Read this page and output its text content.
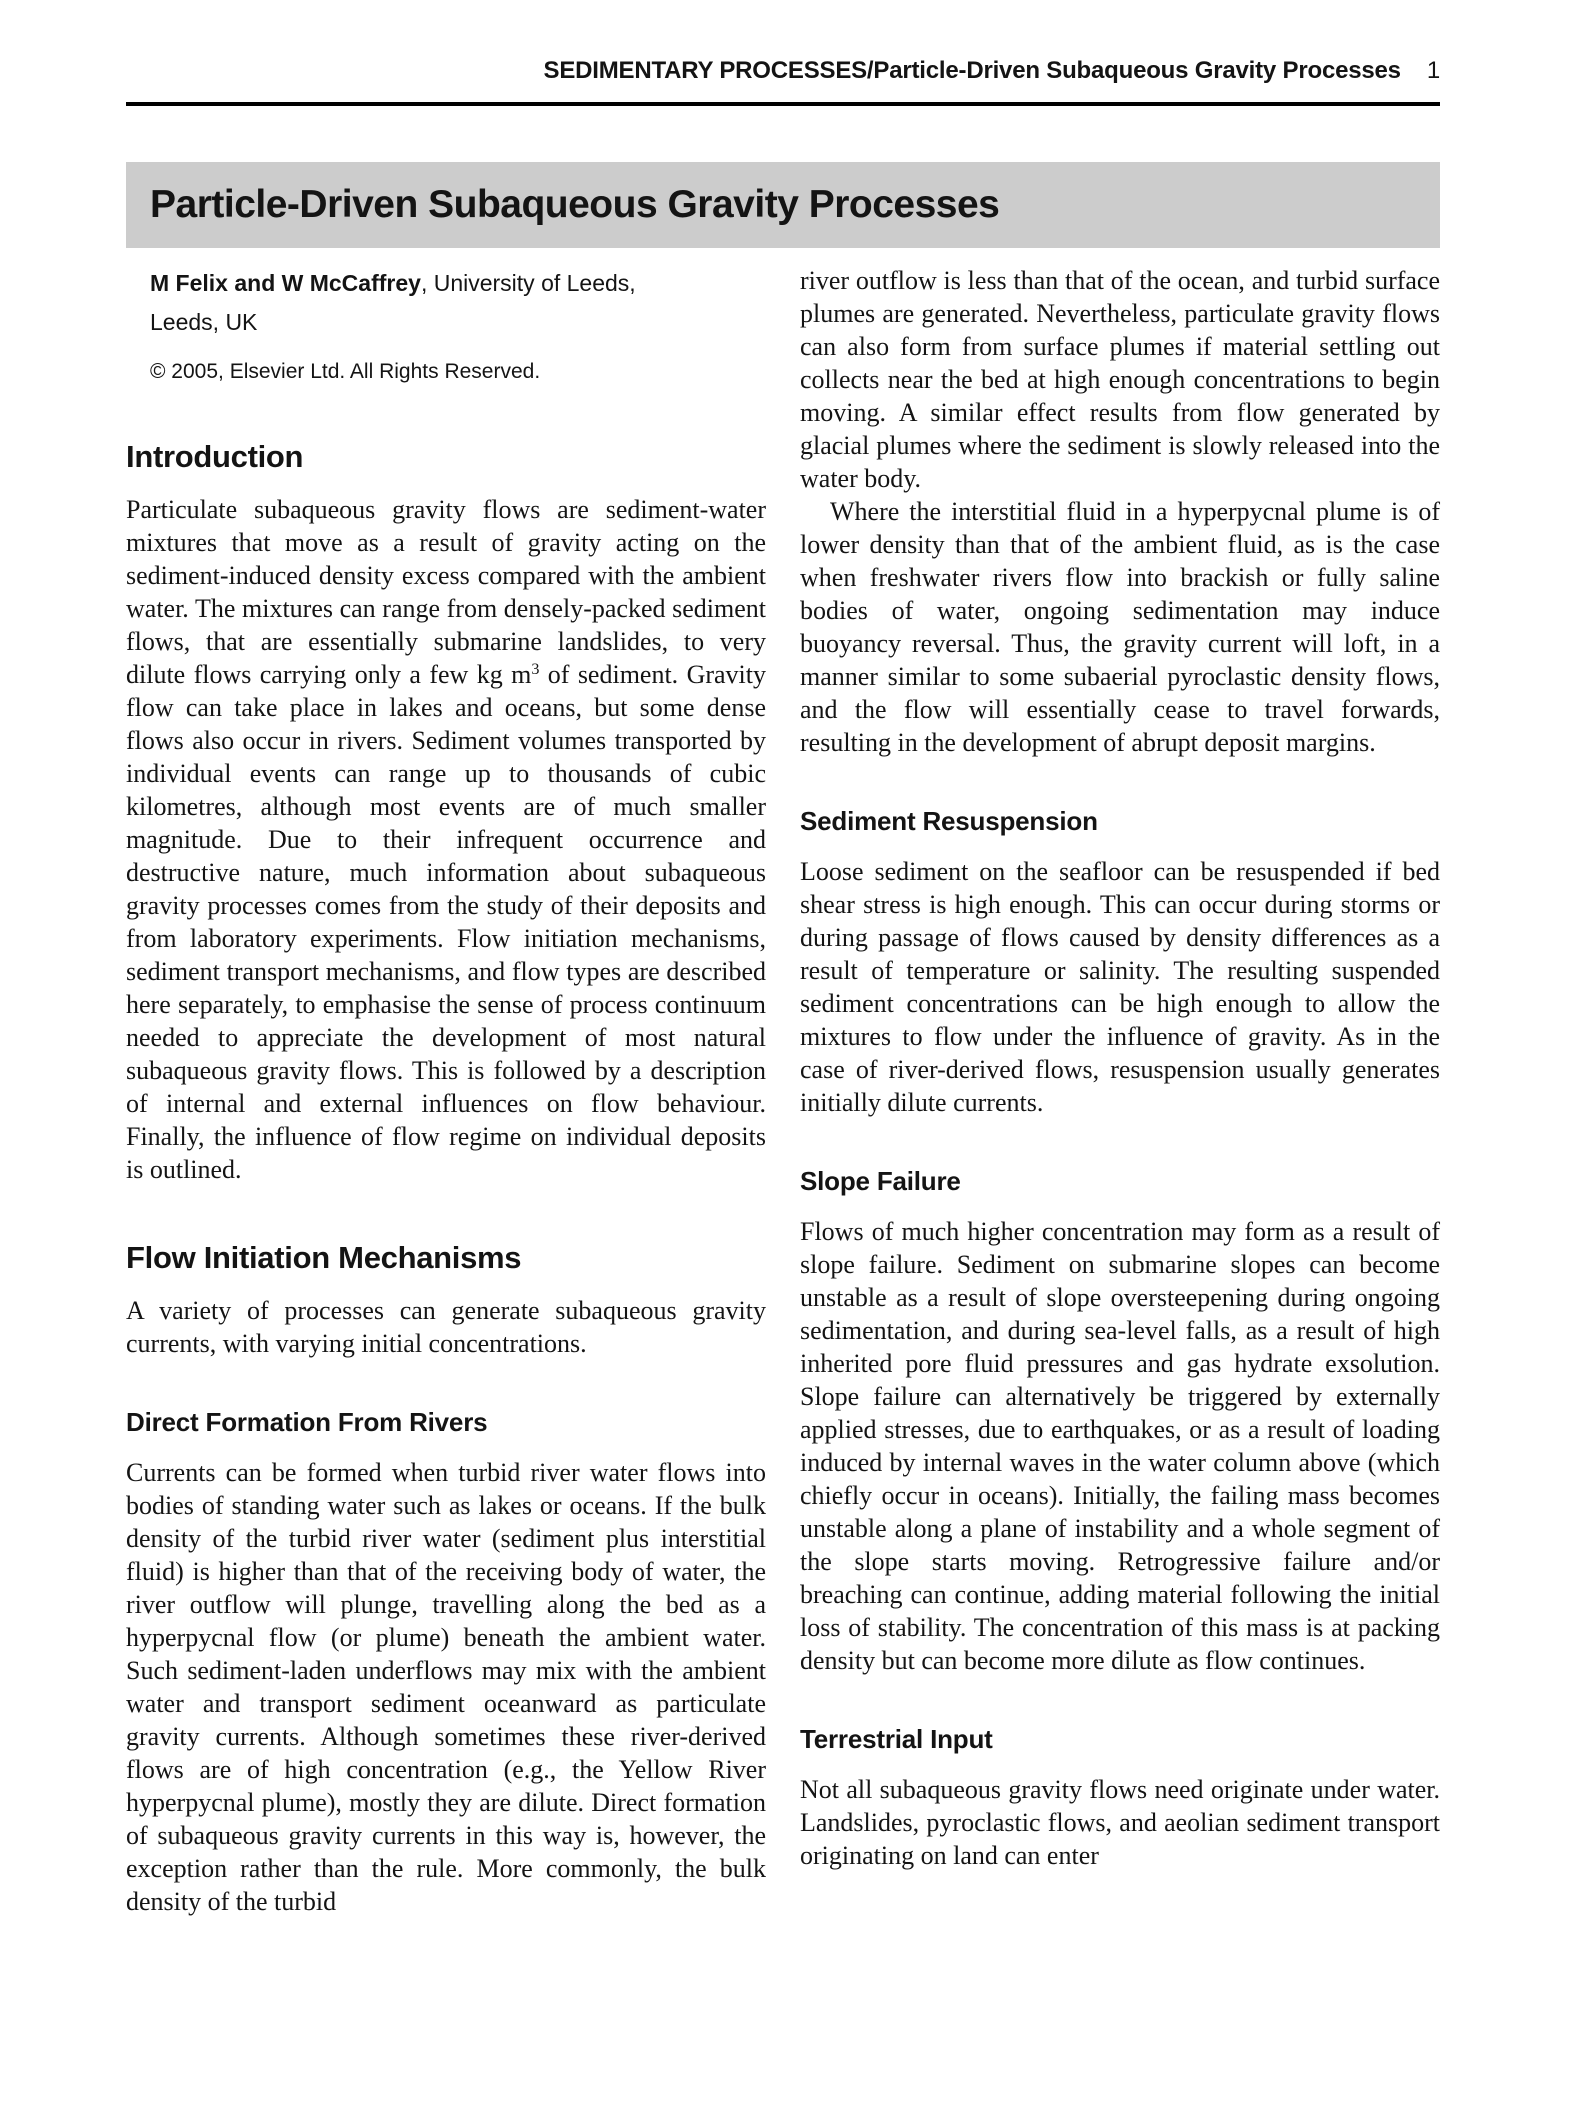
SEDIMENTARY PROCESSES/Particle-Driven Subaqueous Gravity Processes 1
Particle-Driven Subaqueous Gravity Processes

M Felix and W McCaffrey, University of Leeds,

Leeds, UK

© 2005, Elsevier Ltd. All Rights Reserved.

Introduction

Particulate subaqueous gravity flows are sediment-water mixtures that move as a result of gravity acting on the sediment-induced density excess compared with the ambient water. The mixtures can range from densely-packed sediment flows, that are essentially submarine landslides, to very dilute flows carrying only a few kg $m^3$ of sediment. Gravity flow can take place in lakes and oceans, but some dense flows also occur in rivers. Sediment volumes transported by individual events can range up to thousands of cubic kilometres, although most events are of much smaller magnitude. Due to their infrequent occurrence and destructive nature, much information about subaqueous gravity processes comes from the study of their deposits and from laboratory experiments. Flow initiation mechanisms, sediment transport mechanisms, and flow types are described here separately, to emphasise the sense of process continuum needed to appreciate the development of most natural subaqueous gravity flows. This is followed by a description of internal and external influences on flow behaviour. Finally, the influence of flow regime on individual deposits is outlined.

Flow Initiation Mechanisms

A variety of processes can generate subaqueous gravity currents, with varying initial concentrations.

Direct Formation From Rivers

Currents can be formed when turbid river water flows into bodies of standing water such as lakes or oceans. If the bulk density of the turbid river water (sediment plus interstitial fluid) is higher than that of the receiving body of water, the river outflow will plunge, travelling along the bed as a hyperpycnal flow (or plume) beneath the ambient water. Such sediment-laden underflows may mix with the ambient water and transport sediment oceanward as particulate gravity currents. Although sometimes these river-derived flows are of high concentration (e.g., the Yellow River hyperpycnal plume), mostly they are dilute. Direct formation of subaqueous gravity currents in this way is, however, the exception rather than the rule. More commonly, the bulk density of the turbid

river outflow is less than that of the ocean, and turbid surface plumes are generated. Nevertheless, particulate gravity flows can also form from surface plumes if material settling out collects near the bed at high enough concentrations to begin moving. A similar effect results from flow generated by glacial plumes where the sediment is slowly released into the water body.

Where the interstitial fluid in a hyperpycnal plume is of lower density than that of the ambient fluid, as is the case when freshwater rivers flow into brackish or fully saline bodies of water, ongoing sedimentation may induce buoyancy reversal. Thus, the gravity current will loft, in a manner similar to some subaerial pyroclastic density flows, and the flow will essentially cease to travel forwards, resulting in the development of abrupt deposit margins.

Sediment Resuspension

Loose sediment on the seafloor can be resuspended if bed shear stress is high enough. This can occur during storms or during passage of flows caused by density differences as a result of temperature or salinity. The resulting suspended sediment concentrations can be high enough to allow the mixtures to flow under the influence of gravity. As in the case of river-derived flows, resuspension usually generates initially dilute currents.

Slope Failure

Flows of much higher concentration may form as a result of slope failure. Sediment on submarine slopes can become unstable as a result of slope oversteepening during ongoing sedimentation, and during sea-level falls, as a result of high inherited pore fluid pressures and gas hydrate exsolution. Slope failure can alternatively be triggered by externally applied stresses, due to earthquakes, or as a result of loading induced by internal waves in the water column above (which chiefly occur in oceans). Initially, the failing mass becomes unstable along a plane of instability and a whole segment of the slope starts moving. Retrogressive failure and/or breaching can continue, adding material following the initial loss of stability. The concentration of this mass is at packing density but can become more dilute as flow continues.

Terrestrial Input

Not all subaqueous gravity flows need originate under water. Landslides, pyroclastic flows, and aeolian sediment transport originating on land can enter
